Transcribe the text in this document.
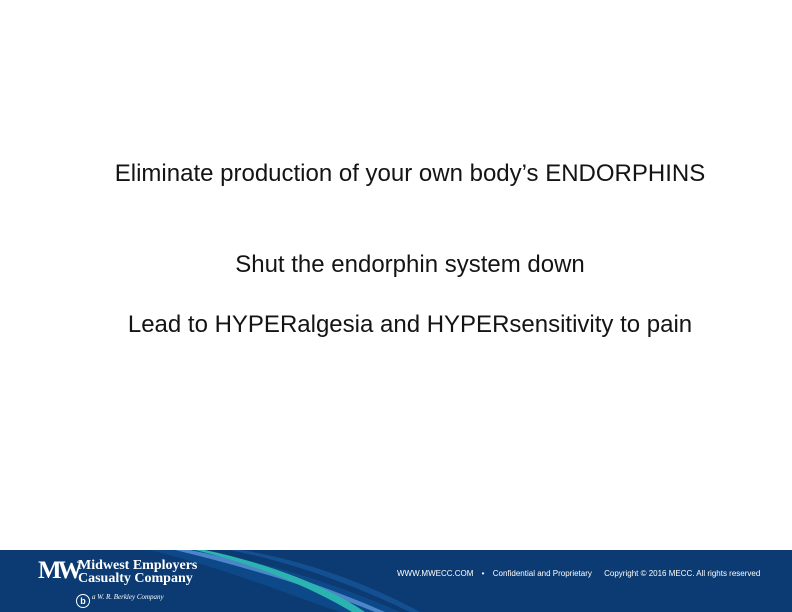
Eliminate production of your own body’s ENDORPHINS
Shut the endorphin system down
Lead to HYPERalgesia and HYPERsensitivity to pain
MW Midwest Employers
Casualty Company
b a W. R. Berkley Company
WWW.MWECC.COM • Confidential and Proprietary Copyright © 2016 MECC. All rights reserved
